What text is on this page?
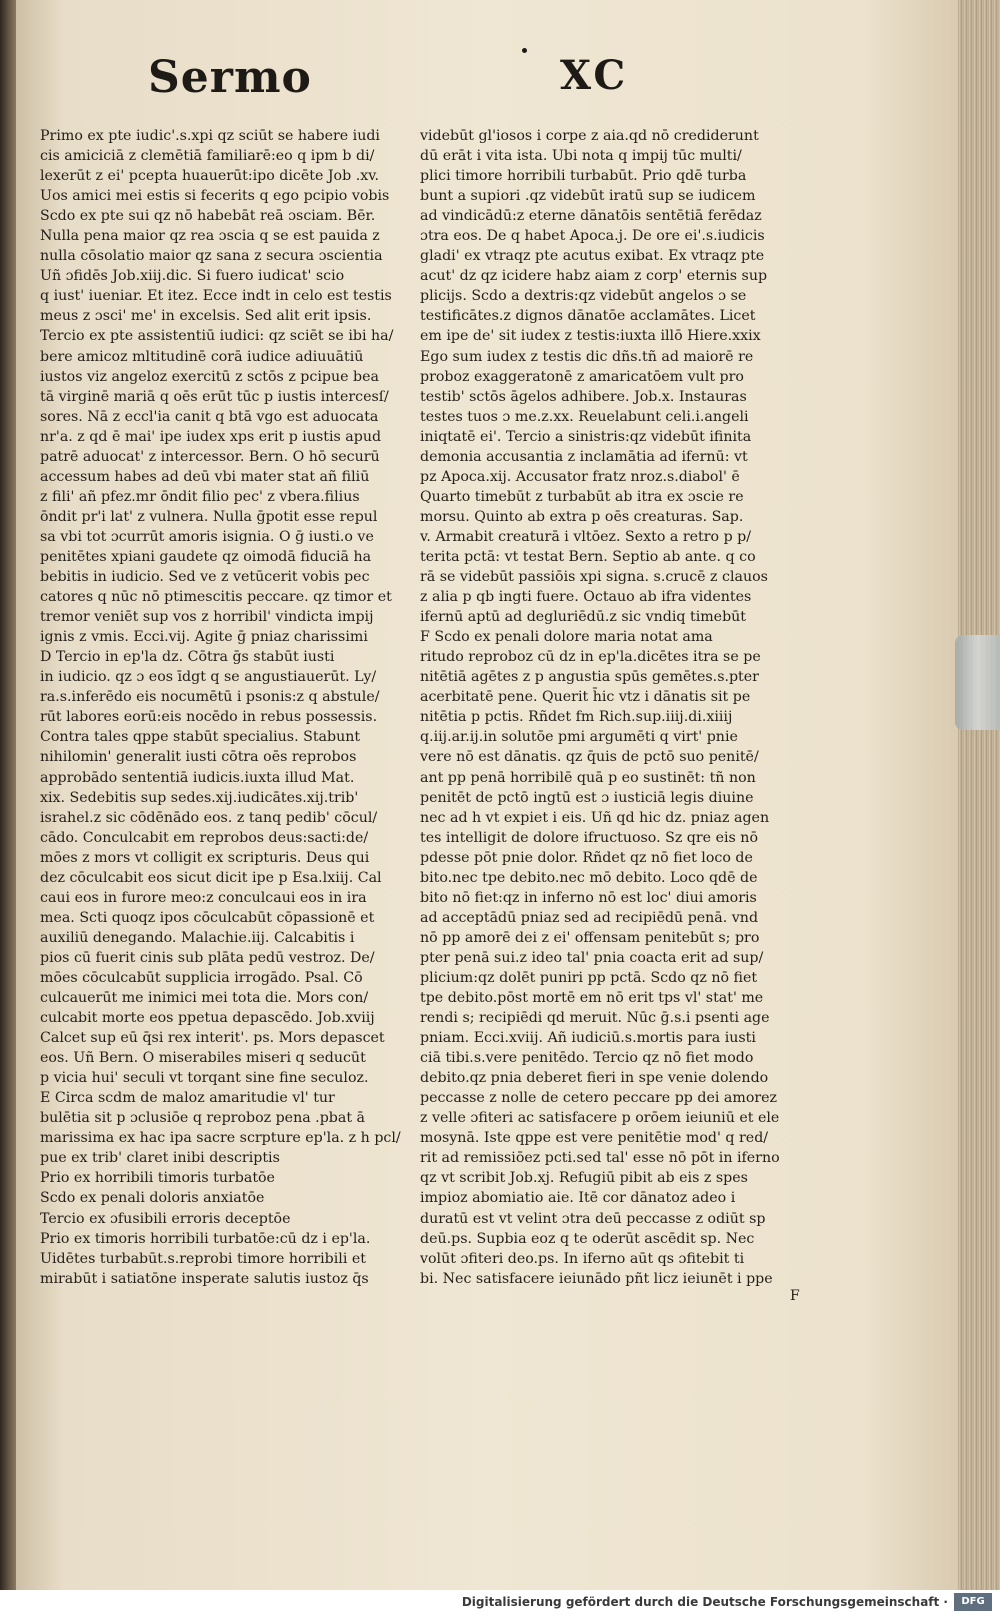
Sermo	XC
Primo ex pte iudic'.s.xpi qz sciūt se habere iudi
cis amiciciā z clemētiā familiarē:eo q ipm b di/
lexerūt z ei' pcepta huauerūt:ipo dicēte Job .xv.
Uos amici mei estis si fecerits q ego pcipio vobis
Scdo ex pte sui qz nō habebāt reā ɔsciam. Bēr.
Nulla pena maior qz rea ɔscia q se est pauida z
nulla cōsolatio maior qz sana z secura ɔscientia
Uñ ɔfidēs Job.xiij.dic. Si fuero iudicat' scio
q iust' iueniar. Et itez. Ecce indt in celo est testis
meus z ɔsci' me' in excelsis. Sed alit erit ipsis.
Tercio ex pte assistentiū iudici: qz sciēt se ibi ha/
bere amicoz mltitudinē corā iudice adiuuātiū
iustos viz angeloz exercitū z sctōs z pcipue bea
tā virginē mariā q oēs erūt tūc p iustis intercesſ/
sores. Nā z eccl'ia canit q btā vgo est aduocata
nr'a. z qd ē mai' ipe iudex xps erit p iustis apud
patrē aduocat' z intercessor. Bern. O hō securū
accessum habes ad deū vbi mater stat añ filiū
z fili' añ pfez.mr ōndit filio pec' z vbera.filius
ōndit pr'i lat' z vulnera. Nulla ḡpotit esse repul
sa vbi tot ɔcurrūt amoris isignia. O ḡ iusti.o ve
penitētes xpiani gaudete qz oimodā fiduciā ha
bebitis in iudicio. Sed ve z vetūcerit vobis pec
catores q nūc nō ptimescitis peccare. qz timor et
tremor veniēt sup vos z horribil' vindicta impij
ignis z vmis. Ecci.vij. Agite ḡ pniaz charissimi
D Tercio in ep'la dz. Cōtra ḡs stabūt iusti
in iudicio. qz ɔ eos īdgt q se angustiauerūt. Ly/
ra.s.inferēdo eis nocumētū i psonis:z q abstule/
rūt labores eorū:eis nocēdo in rebus possessis.
Contra tales qppe stabūt specialius. Stabunt
nihilomin' generalit iusti cōtra oēs reprobos
approbādo sententiā iudicis.iuxta illud Mat.
xix. Sedebitis sup sedes.xij.iudicātes.xij.trib'
israhel.z sic cōdēnādo eos. z tanq pedib' cōcul/
cādo. Conculcabit em reprobos deus:sacti:de/
mōes z mors vt colligit ex scripturis. Deus qui
dez cōculcabit eos sicut dicit ipe p Esa.lxiij. Cal
caui eos in furore meo:z conculcaui eos in ira
mea. Scti quoqz ipos cōculcabūt cōpassionē et
auxiliū denegando. Malachie.iij. Calcabitis i
pios cū fuerit cinis sub plāta pedū vestroz. De/
mōes cōculcabūt supplicia irrogādo. Psal. Cō
culcauerūt me inimici mei tota die. Mors con/
culcabit morte eos ppetua depascēdo. Job.xviij
Calcet sup eū q̄si rex interit'. ps. Mors depascet
eos. Uñ Bern. O miserabiles miseri q seducūt
p vicia hui' seculi vt torqant sine fine seculoz.
E Circa scdm de maloz amaritudie vl' tur
bulētia sit p ɔclusiōe q reproboz pena .pbat ā
marissima ex hac ipa sacre scrpture ep'la. z h pcl/
pue ex trib' claret inibi descriptis
Prio ex horribili timoris turbatōe
Scdo ex penali doloris anxiatōe
Tercio ex ɔfusibili erroris deceptōe
Prio ex timoris horribili turbatōe:cū dz i ep'la.
Uidētes turbabūt.s.reprobi timore horribili et
mirabūt i satiatōne insperate salutis iustoz q̄s
videbūt gl'iosos i corpe z aia.qd nō crediderunt
dū erāt i vita ista. Ubi nota q impij tūc multi/
plici timore horribili turbabūt. Prio qdē turba
bunt a supiori .qz videbūt iratū sup se iudicem
ad vindicādū:z eterne dānatōis sentētiā ferēdaz
ɔtra eos. De q habet Apoca.j. De ore ei'.s.iudicis
gladi' ex vtraqz pte acutus exibat. Ex vtraqz pte
acut' dz qz icidere habz aiam z corp' eternis sup
plicijs. Scdo a dextris:qz videbūt angelos ɔ se
testificātes.z dignos dānatōe acclamātes. Licet
em ipe de' sit iudex z testis:iuxta illō Hiere.xxix
Ego sum iudex z testis dic dñs.tñ ad maiorē re
proboz exaggeratonē z amaricatōem vult pro
testib' sctōs āgelos adhibere. Job.x. Instauras
testes tuos ɔ me.z.xx. Reuelabunt celi.i.angeli
iniqtatē ei'. Tercio a sinistris:qz videbūt ifinita
demonia accusantia z inclamātia ad ifernū: vt
pz Apoca.xij. Accusator fratz nroz.s.diabol' ē
Quarto timebūt z turbabūt ab itra ex ɔscie re
morsu. Quinto ab extra p oēs creaturas. Sap.
v. Armabit creaturā i vltōez. Sexto a retro p p/
terita pctā: vt testat Bern. Septio ab ante. q co
rā se videbūt passiōis xpi signa. s.crucē z clauos
z alia p qb ingti fuere. Octauo ab ifra videntes
ifernū aptū ad degluriēdū.z sic vndiq timebūt
F Scdo ex penali dolore maria notat ama
ritudo reproboz cū dz in ep'la.dicētes itra se pe
nitētiā agētes z p angustia spūs gemētes.s.pter
acerbitatē pene. Querit h̄ic vtz i dānatis sit pe
nitētia p pctis. Rñdet fm Rich.sup.iiij.di.xiiij
q.iij.ar.ij.in solutōe pmi argumēti q virt' pnie
vere nō est dānatis. qz q̄uis de pctō suo penitē/
ant pp penā horribilē quā p eo sustinēt: tñ non
penitēt de pctō ingtū est ɔ iusticiā legis diuine
nec ad h vt expiet i eis. Uñ qd hic dz. pniaz agen
tes intelligit de dolore ifructuoso. Sz qre eis nō
pdesse pōt pnie dolor. Rñdet qz nō fiet loco de
bito.nec tpe debito.nec mō debito. Loco qdē de
bito nō fiet:qz in inferno nō est loc' diui amoris
ad acceptādū pniaz sed ad recipiēdū penā. vnd
nō pp amorē dei z ei' offensam penitebūt s; pro
pter penā sui.z ideo tal' pnia coacta erit ad sup/
plicium:qz dolēt puniri pp pctā. Scdo qz nō fiet
tpe debito.pōst mortē em nō erit tps vl' stat' me
rendi s; recipiēdi qd meruit. Nūc ḡ.s.i psenti age
pniam. Ecci.xviij. Añ iudiciū.s.mortis para iusti
ciā tibi.s.vere penitēdo. Tercio qz nō fiet modo
debito.qz pnia deberet fieri in spe venie dolendo
peccasse z nolle de cetero peccare pp dei amorez
z velle ɔfiteri ac satisfacere p orōem ieiuniū et ele
mosynā. Iste qppe est vere penitētie mod' q red/
rit ad remissiōez pcti.sed tal' esse nō pōt in iferno
qz vt scribit Job.xj. Refugiū pibit ab eis z spes
impioz abomiatio aie. Itē cor dānatoz adeo i
duratū est vt velint ɔtra deū peccasse z odiūt sp
deū.ps. Supbia eoz q te oderūt ascēdit sp. Nec
volūt ɔfiteri deo.ps. In iferno aūt qs ɔfitebit ti
bi. Nec satisfacere ieiunādo pñt licz ieiunēt i ppe
F
Digitalisierung gefördert durch die Deutsche Forschungsgemeinschaft ·	DFG
